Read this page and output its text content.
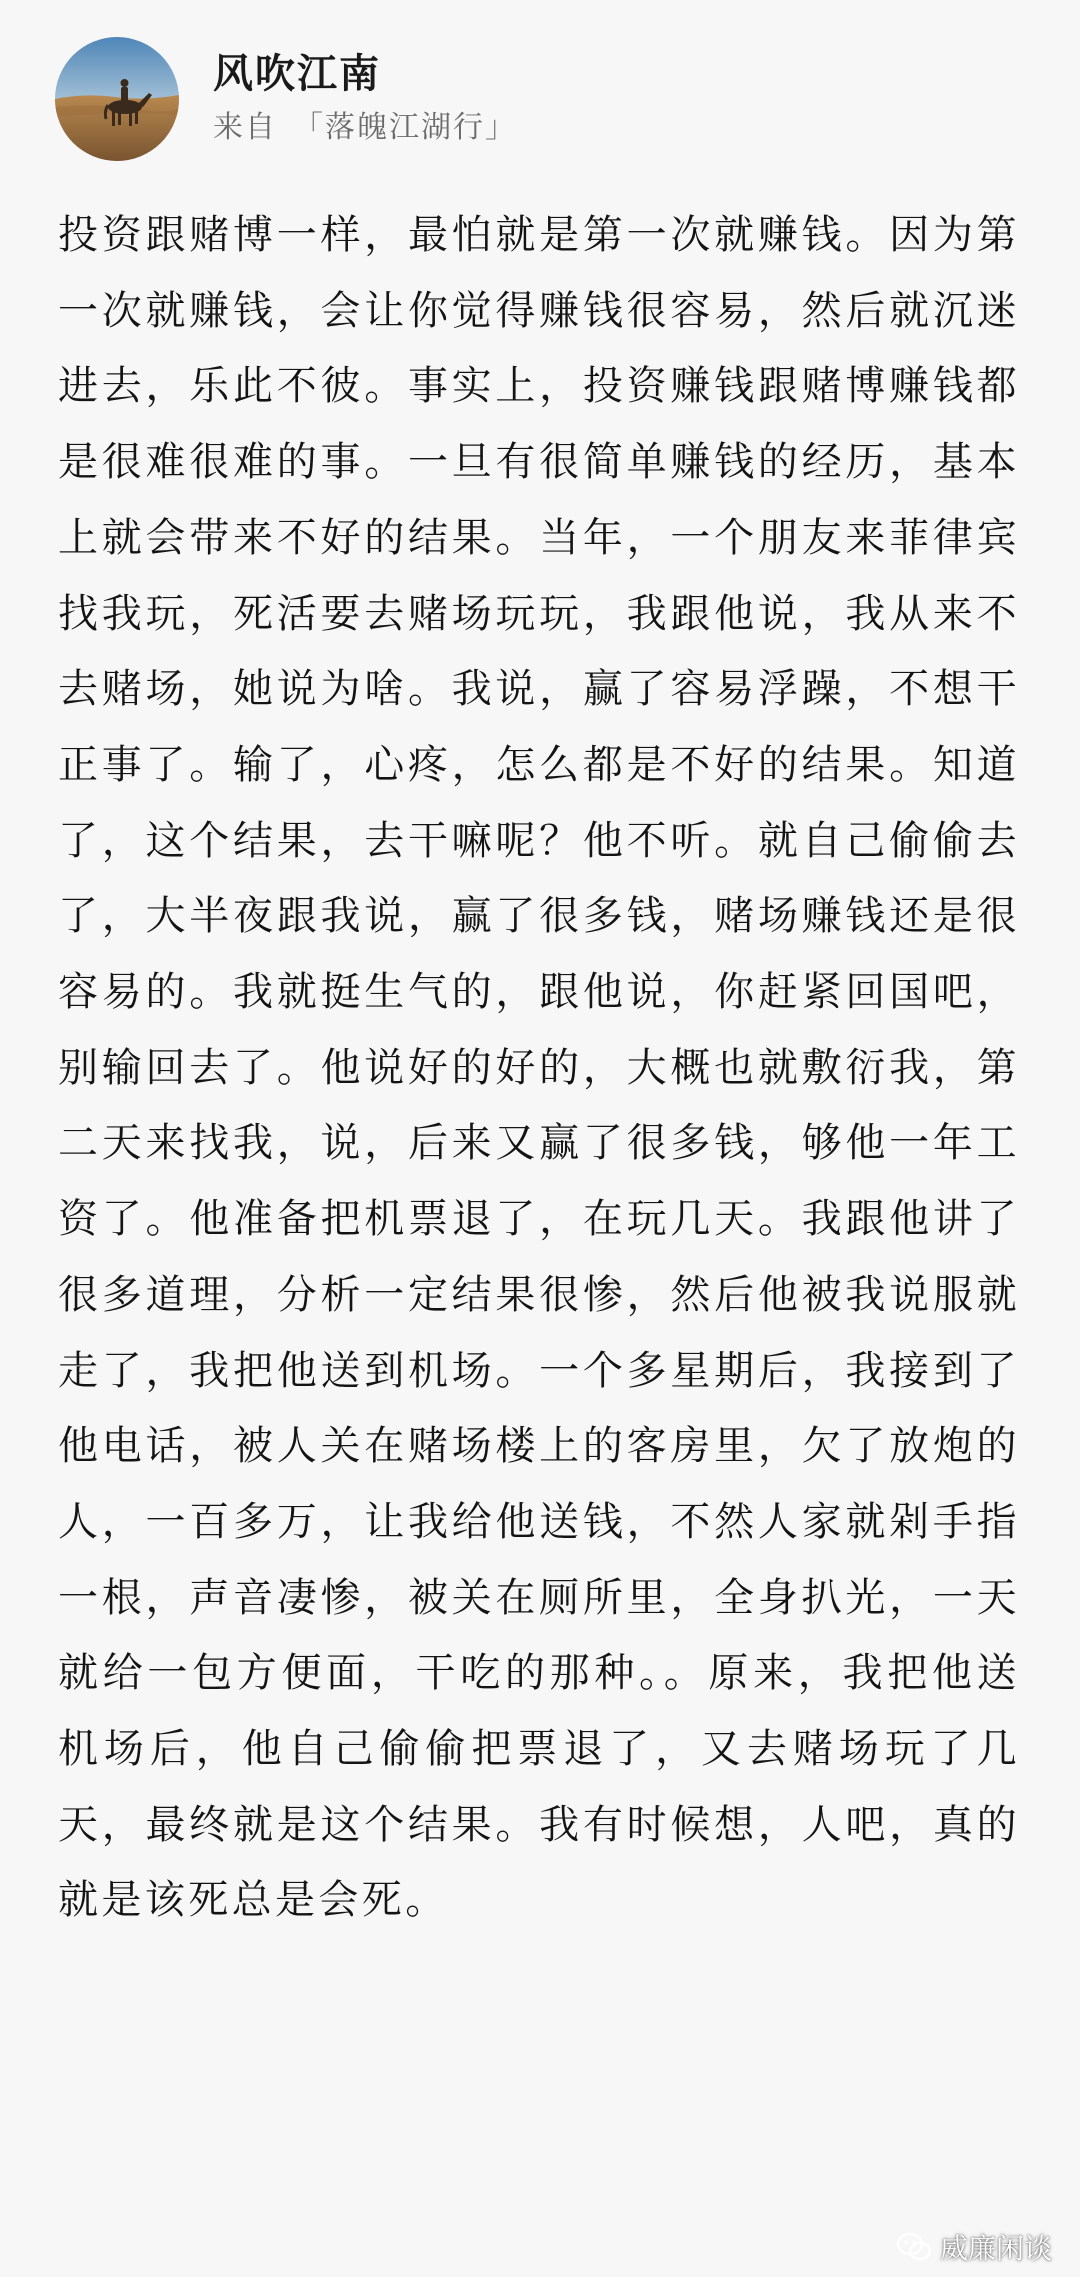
风吹江南
来自 「落魄江湖行」

投资跟赌博一样，最怕就是第一次就赚钱。因为第一次就赚钱，会让你觉得赚钱很容易，然后就沉迷进去，乐此不彼。事实上，投资赚钱跟赌博赚钱都是很难很难的事。一旦有很简单赚钱的经历，基本上就会带来不好的结果。当年，一个朋友来菲律宾找我玩，死活要去赌场玩玩，我跟他说，我从来不去赌场，她说为啥。我说，赢了容易浮躁，不想干正事了。输了，心疼，怎么都是不好的结果。知道了，这个结果，去干嘛呢？他不听。就自己偷偷去了，大半夜跟我说，赢了很多钱，赌场赚钱还是很容易的。我就挺生气的，跟他说，你赶紧回国吧，别输回去了。他说好的好的，大概也就敷衍我，第二天来找我，说，后来又赢了很多钱，够他一年工资了。他准备把机票退了，在玩几天。我跟他讲了很多道理，分析一定结果很惨，然后他被我说服就走了，我把他送到机场。一个多星期后，我接到了他电话，被人关在赌场楼上的客房里，欠了放炮的人，一百多万，让我给他送钱，不然人家就剁手指一根，声音凄惨，被关在厕所里，全身扒光，一天就给一包方便面，干吃的那种。。原来，我把他送机场后，他自己偷偷把票退了，又去赌场玩了几天，最终就是这个结果。我有时候想，人吧，真的就是该死总是会死。

威廉闲谈
